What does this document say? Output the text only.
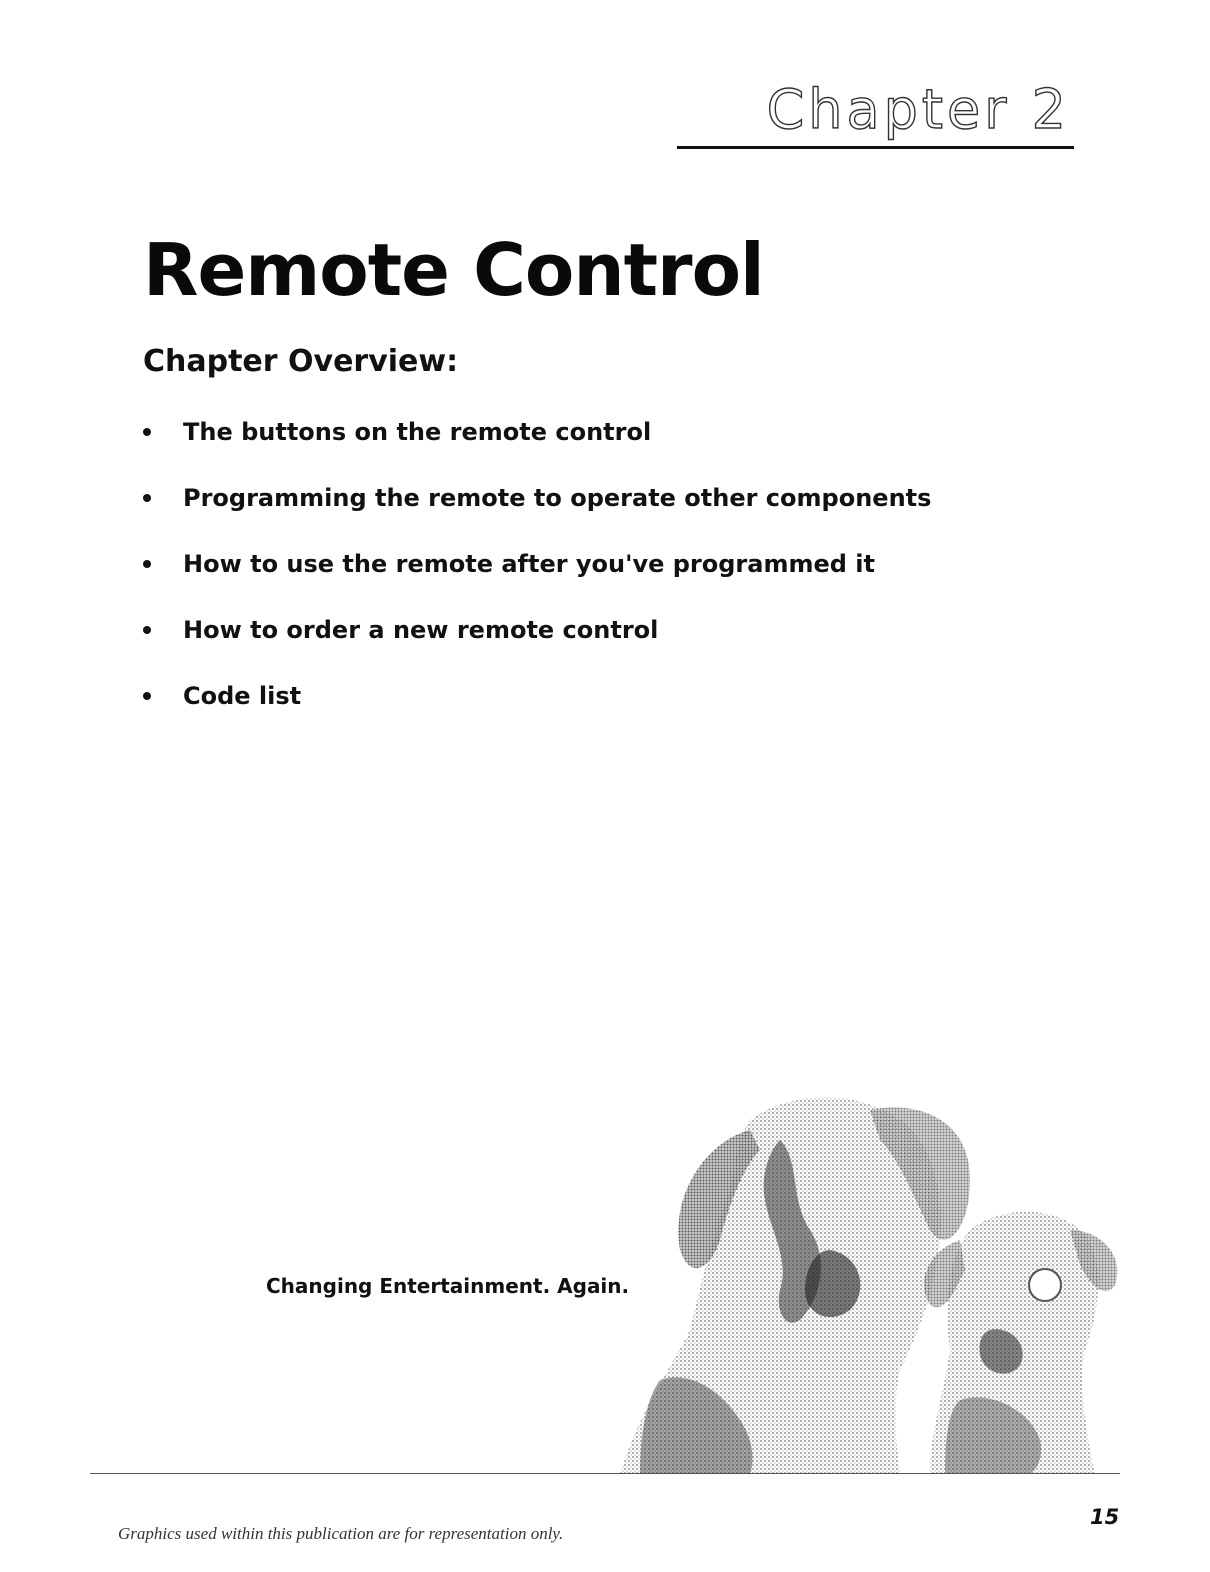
Chapter 2
Remote Control
Chapter Overview:
The buttons on the remote control
Programming the remote to operate other components
How to use the remote after you've programmed it
How to order a new remote control
Code list

Changing Entertainment. Again.

Graphics used within this publication are for representation only.

15
